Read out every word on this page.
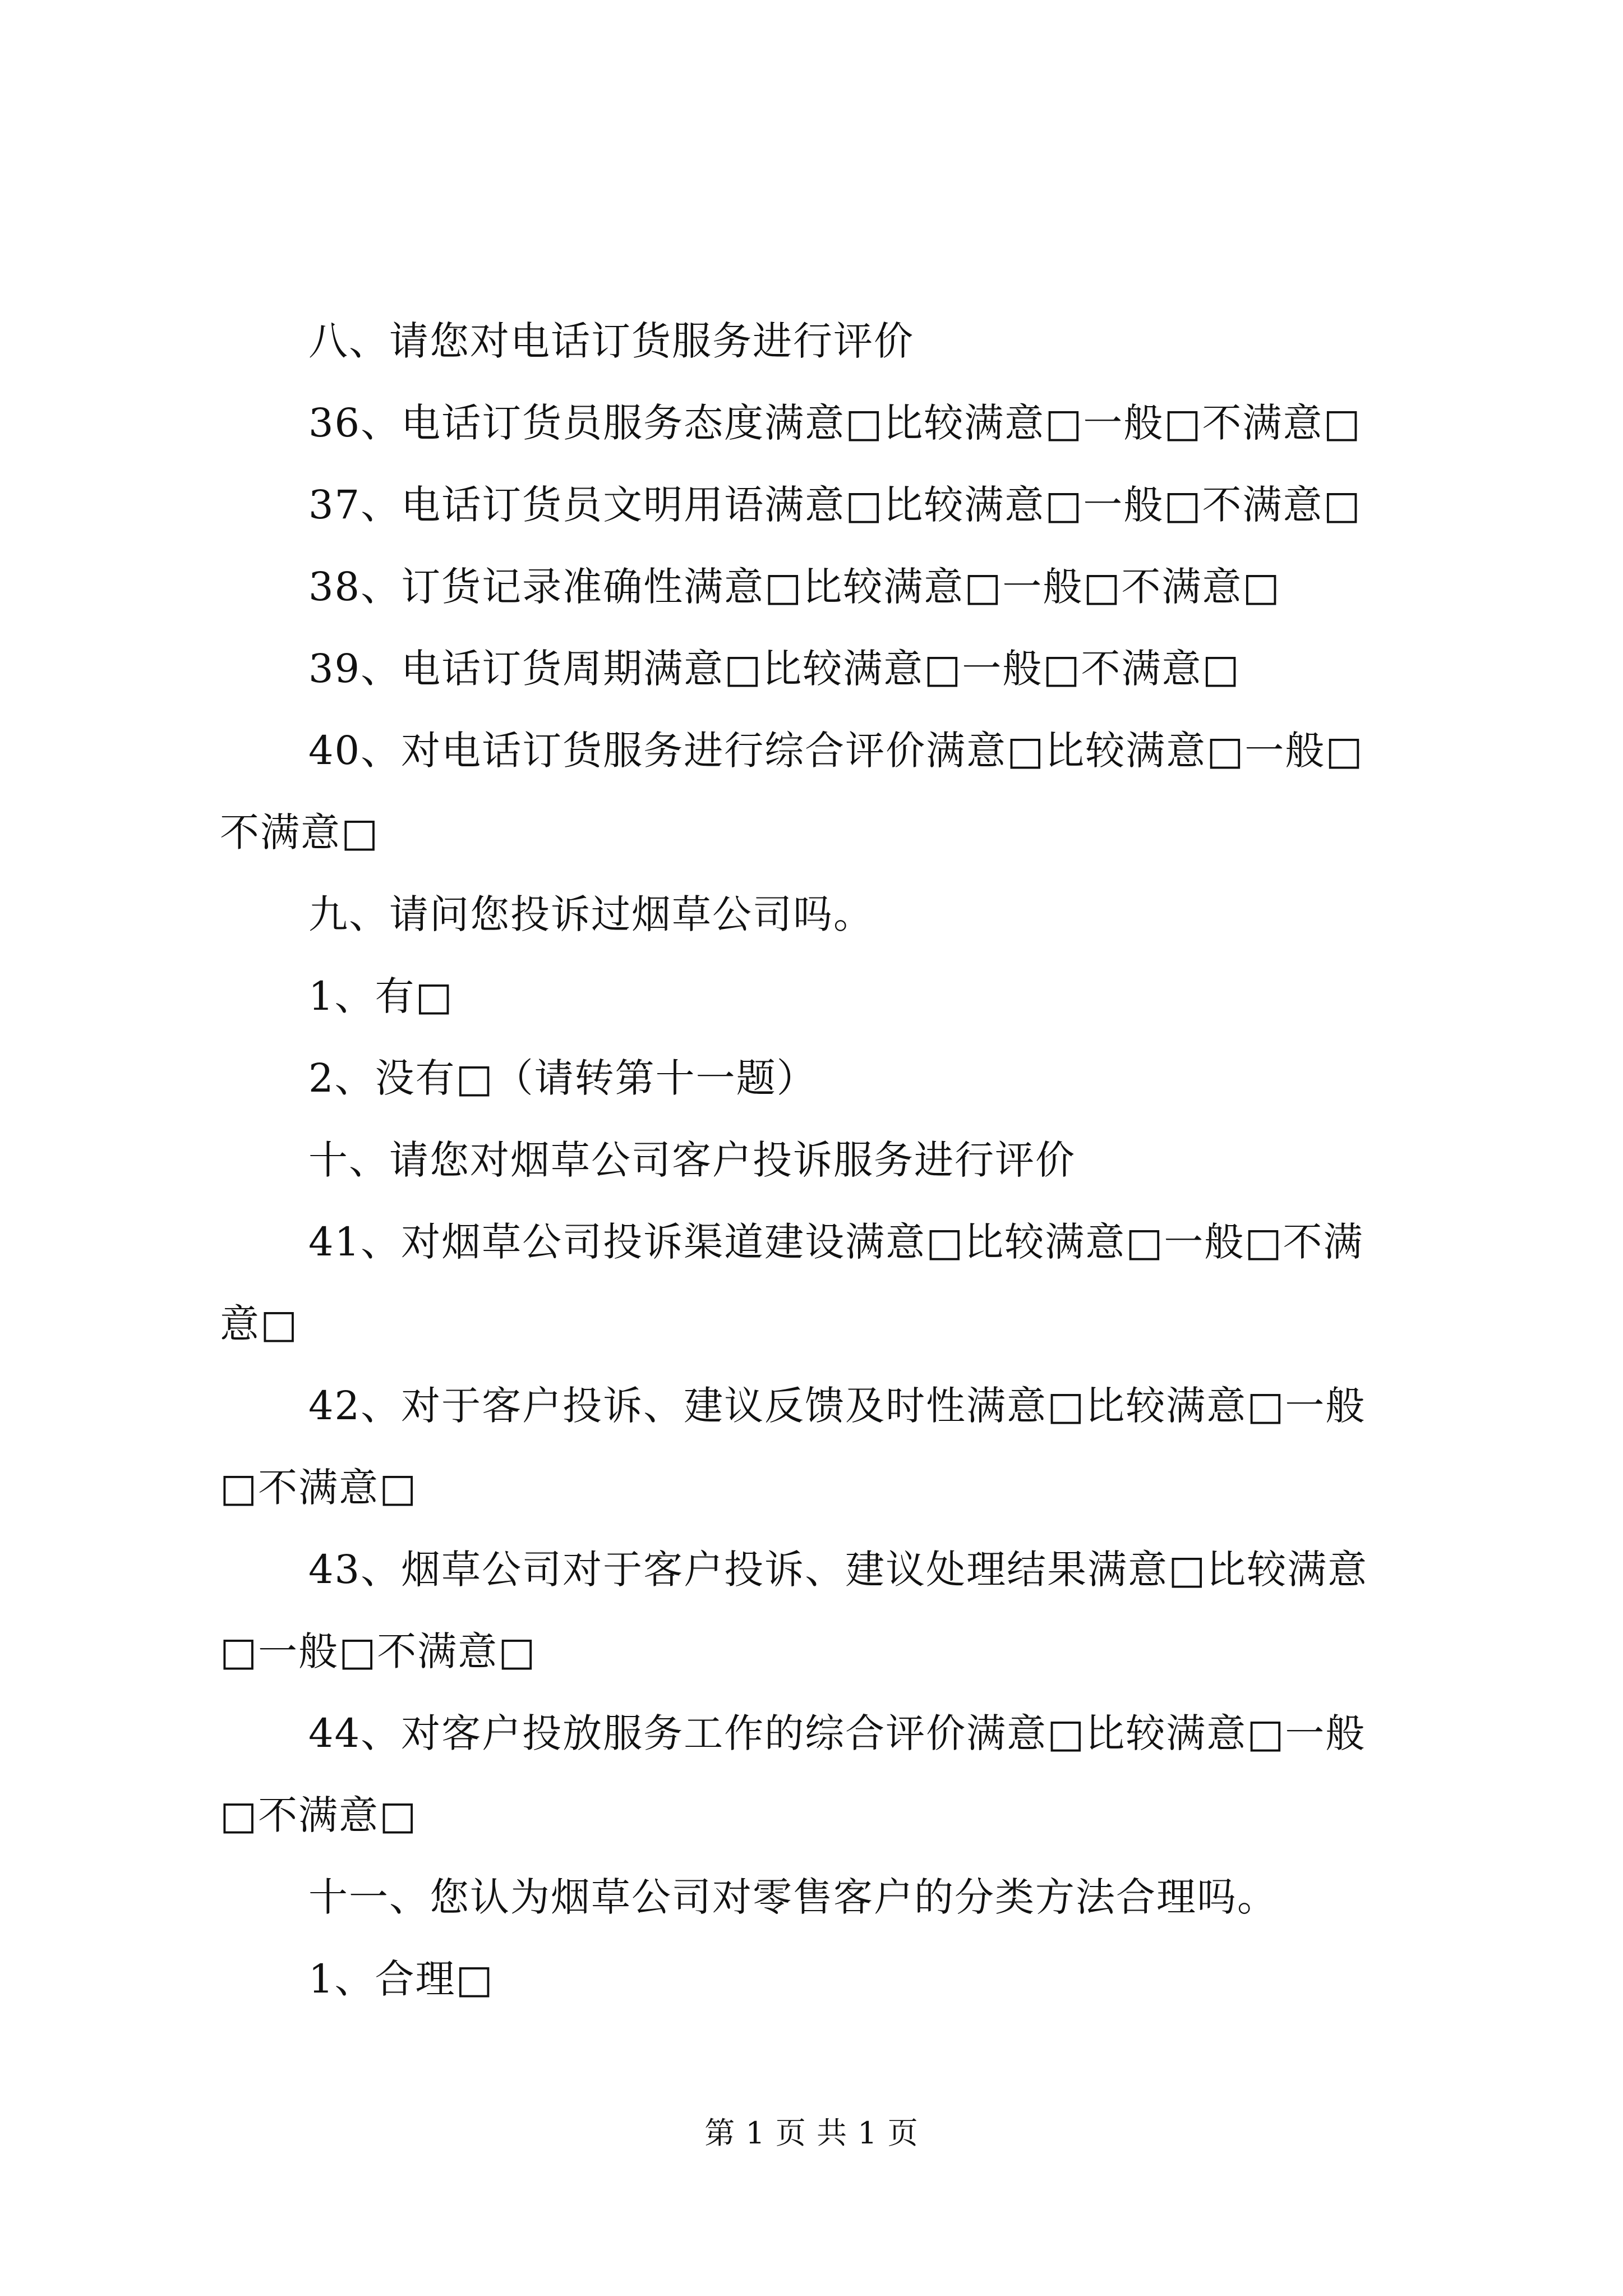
八、请您对电话订货服务进行评价
36、电话订货员服务态度满意□比较满意□一般□不满意□
37、电话订货员文明用语满意□比较满意□一般□不满意□
38、订货记录准确性满意□比较满意□一般□不满意□
39、电话订货周期满意□比较满意□一般□不满意□
40、对电话订货服务进行综合评价满意□比较满意□一般□
不满意□
九、请问您投诉过烟草公司吗。
1、有□
2、没有□（请转第十一题）
十、请您对烟草公司客户投诉服务进行评价
41、对烟草公司投诉渠道建设满意□比较满意□一般□不满
意□
42、对于客户投诉、建议反馈及时性满意□比较满意□一般
□不满意□
43、烟草公司对于客户投诉、建议处理结果满意□比较满意
□一般□不满意□
44、对客户投放服务工作的综合评价满意□比较满意□一般
□不满意□
十一、您认为烟草公司对零售客户的分类方法合理吗。
1、合理□
第 1 页 共 1 页
